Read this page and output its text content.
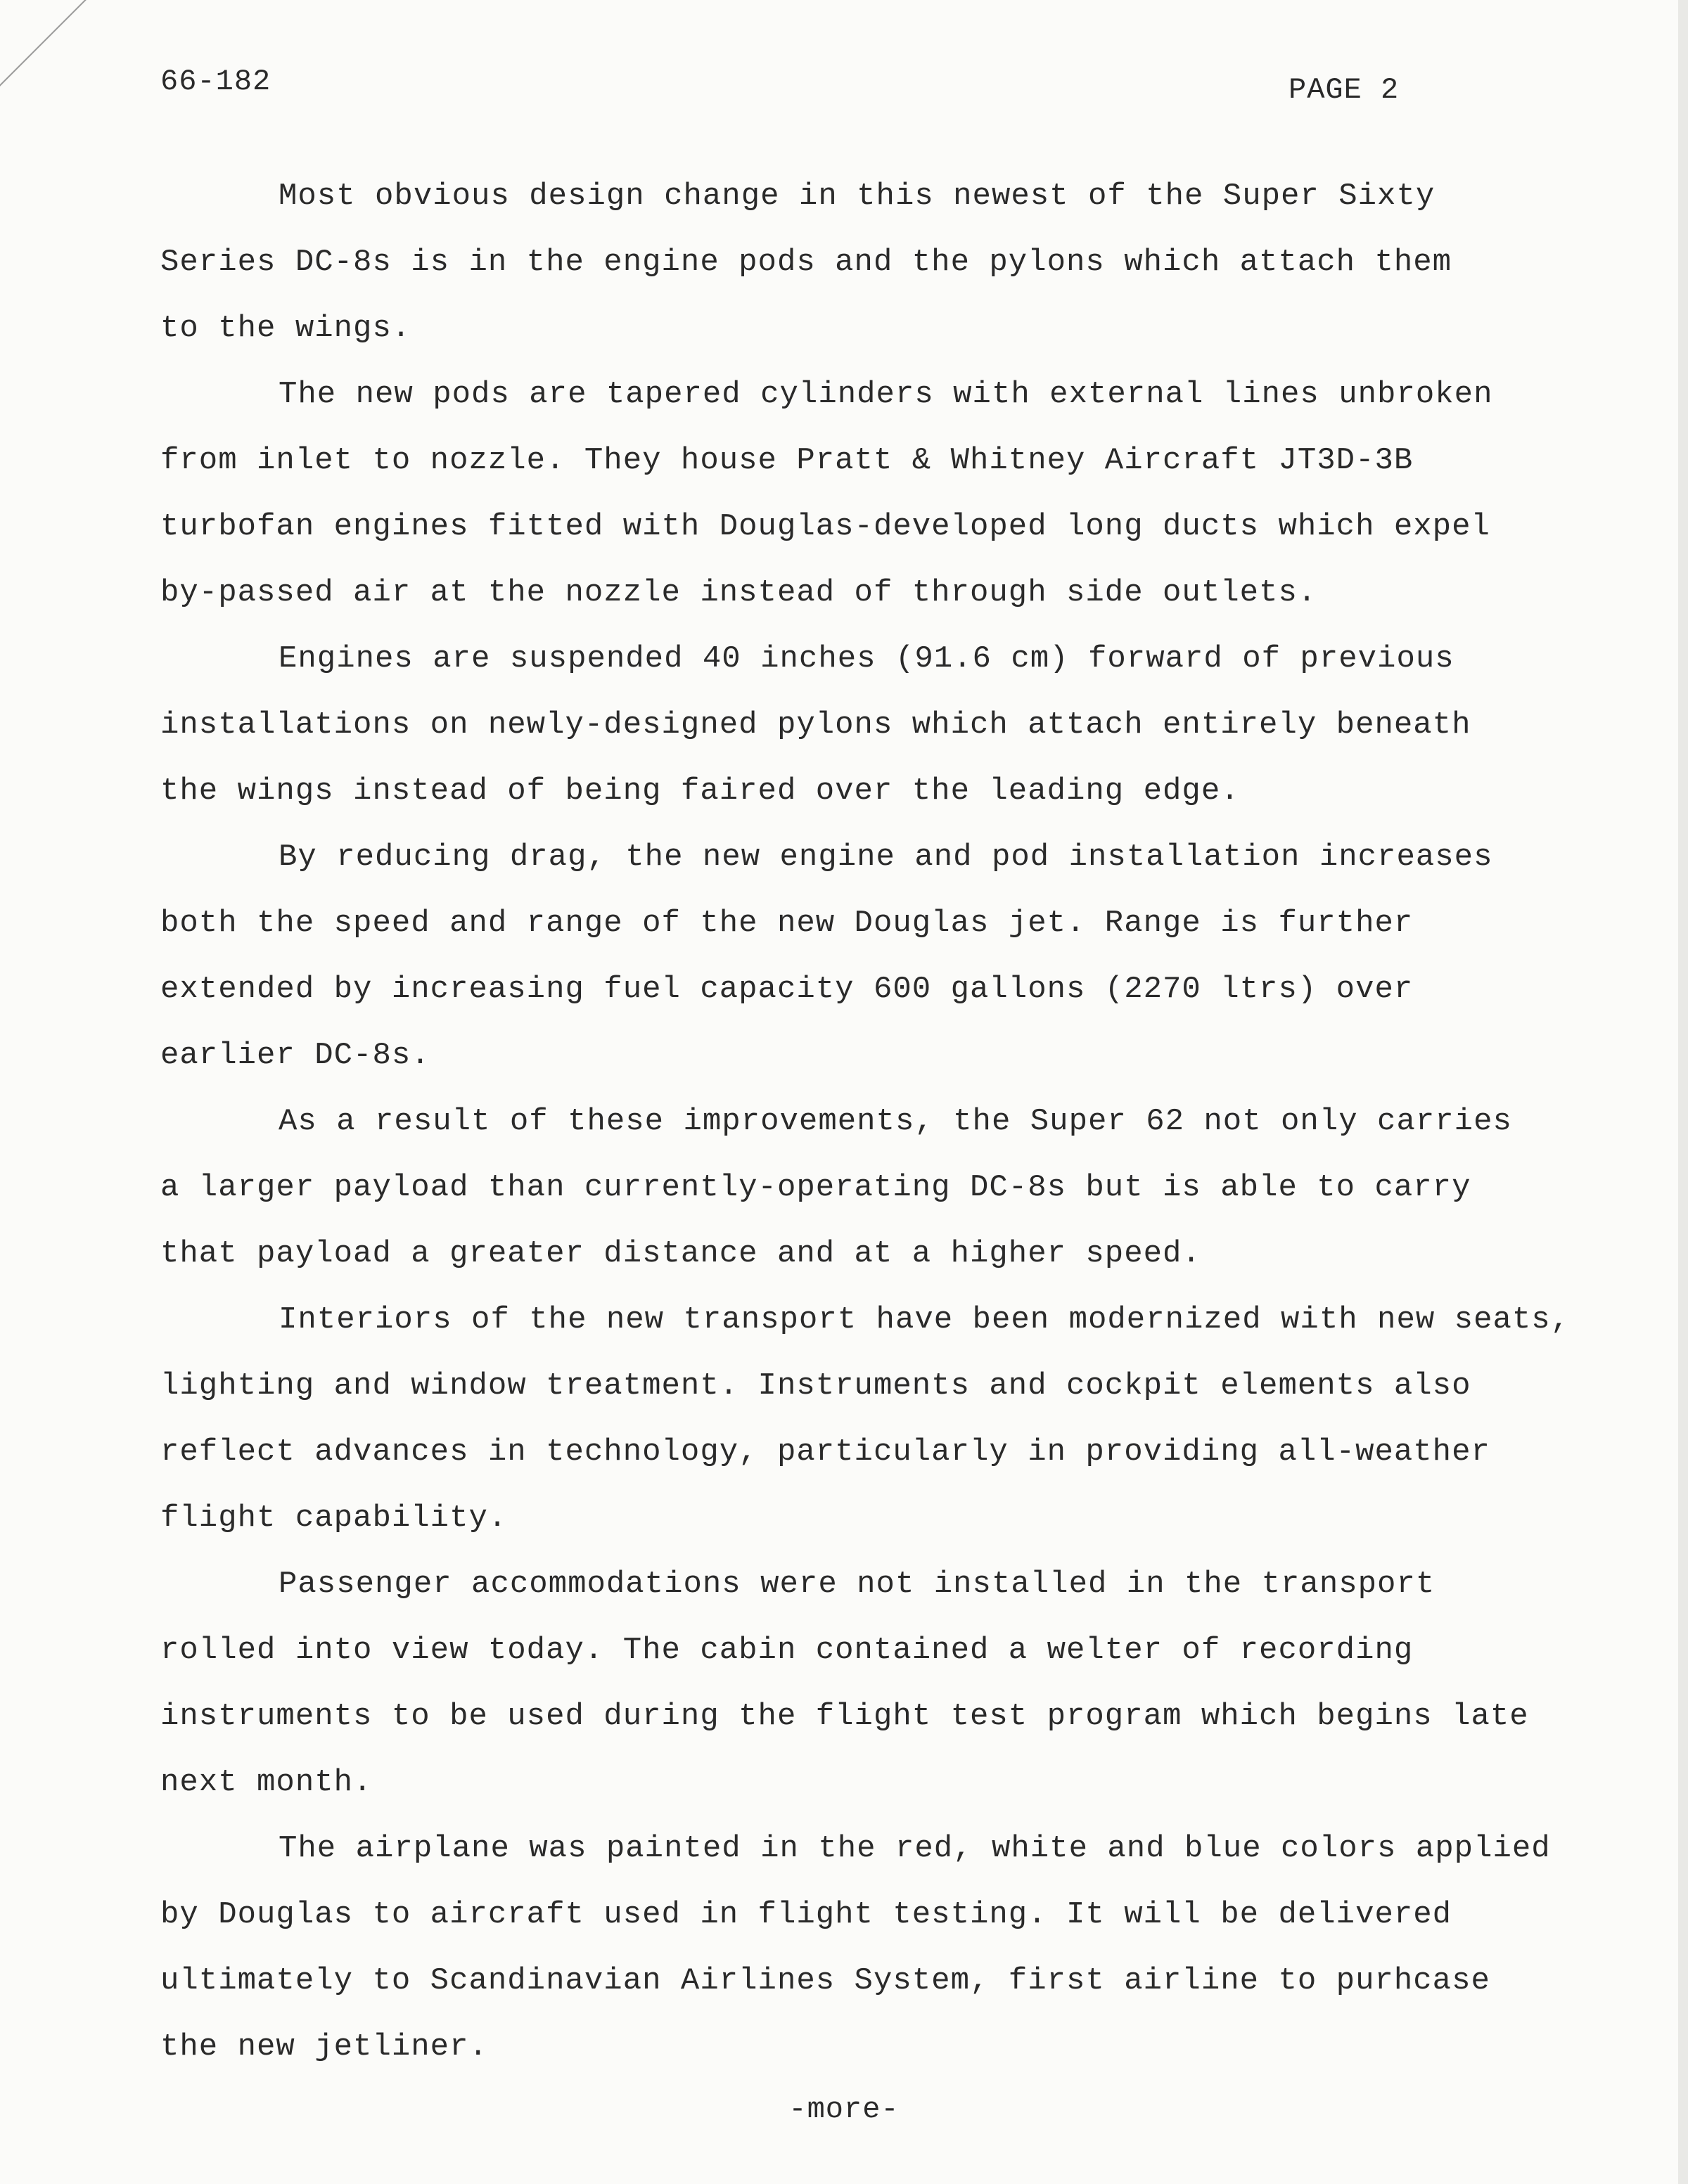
66-182	PAGE 2

Most obvious design change in this newest of the Super Sixty
Series DC-8s is in the engine pods and the pylons which attach them
to the wings.

The new pods are tapered cylinders with external lines unbroken
from inlet to nozzle. They house Pratt & Whitney Aircraft JT3D-3B
turbofan engines fitted with Douglas-developed long ducts which expel
by-passed air at the nozzle instead of through side outlets.

Engines are suspended 40 inches (91.6 cm) forward of previous
installations on newly-designed pylons which attach entirely beneath
the wings instead of being faired over the leading edge.

By reducing drag, the new engine and pod installation increases
both the speed and range of the new Douglas jet. Range is further
extended by increasing fuel capacity 600 gallons (2270 ltrs) over
earlier DC-8s.

As a result of these improvements, the Super 62 not only carries
a larger payload than currently-operating DC-8s but is able to carry
that payload a greater distance and at a higher speed.

Interiors of the new transport have been modernized with new seats,
lighting and window treatment. Instruments and cockpit elements also
reflect advances in technology, particularly in providing all-weather
flight capability.

Passenger accommodations were not installed in the transport
rolled into view today. The cabin contained a welter of recording
instruments to be used during the flight test program which begins late
next month.

The airplane was painted in the red, white and blue colors applied
by Douglas to aircraft used in flight testing. It will be delivered
ultimately to Scandinavian Airlines System, first airline to purhcase
the new jetliner.

-more-
